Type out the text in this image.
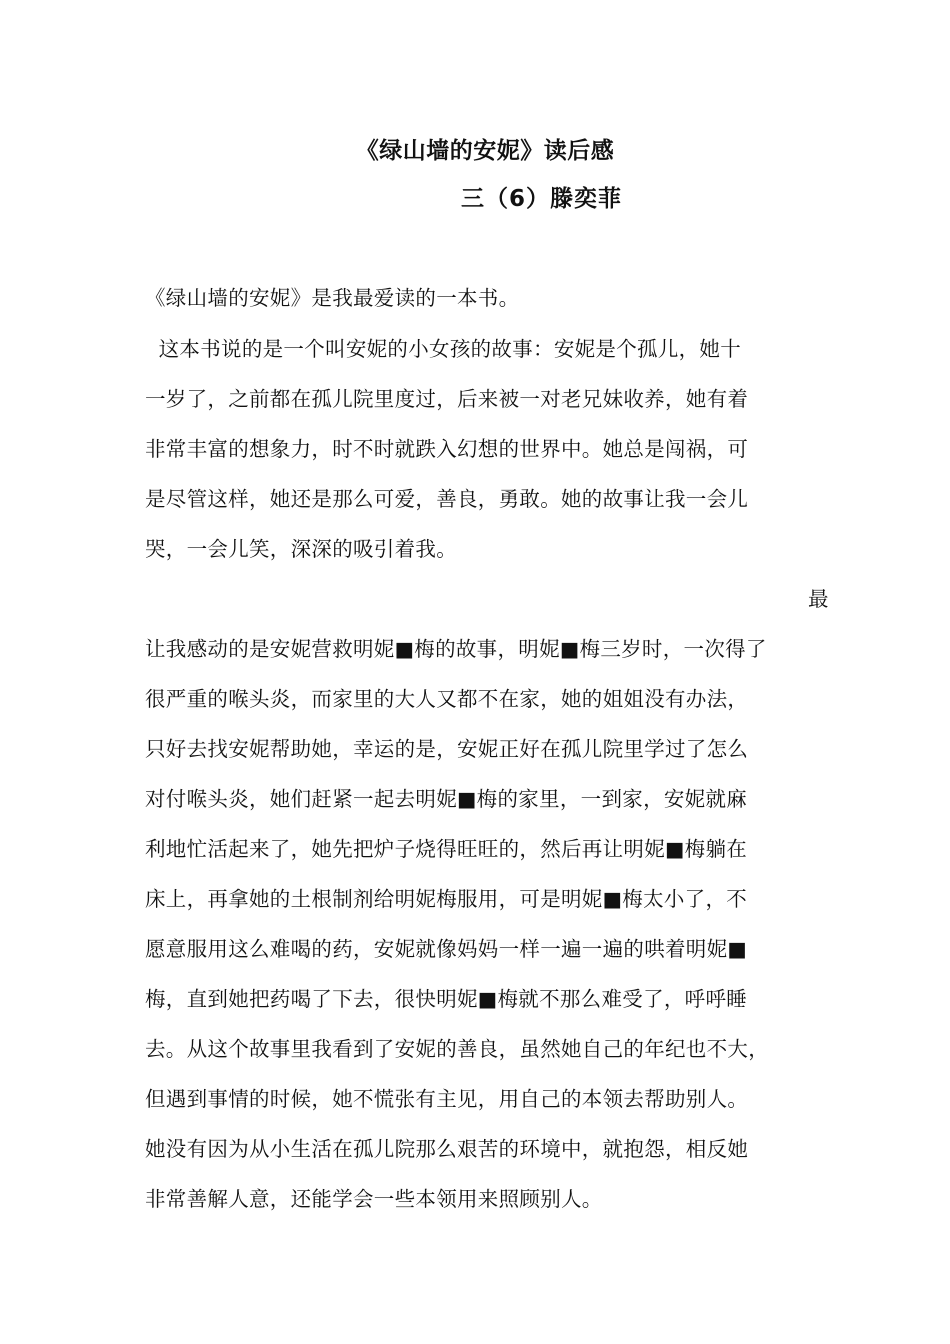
《绿山墙的安妮》读后感
三（6）滕奕菲
《绿山墙的安妮》是我最爱读的一本书。
这本书说的是一个叫安妮的小女孩的故事：安妮是个孤儿，她十
一岁了，之前都在孤儿院里度过，后来被一对老兄妹收养，她有着
非常丰富的想象力，时不时就跌入幻想的世界中。她总是闯祸，可
是尽管这样，她还是那么可爱，善良，勇敢。她的故事让我一会儿
哭，一会儿笑，深深的吸引着我。
最
让我感动的是安妮营救明妮■梅的故事，明妮■梅三岁时，一次得了
很严重的喉头炎，而家里的大人又都不在家，她的姐姐没有办法，
只好去找安妮帮助她，幸运的是，安妮正好在孤儿院里学过了怎么
对付喉头炎，她们赶紧一起去明妮■梅的家里，一到家，安妮就麻
利地忙活起来了，她先把炉子烧得旺旺的，然后再让明妮■梅躺在
床上，再拿她的土根制剂给明妮梅服用，可是明妮■梅太小了，不
愿意服用这么难喝的药，安妮就像妈妈一样一遍一遍的哄着明妮■
梅，直到她把药喝了下去，很快明妮■梅就不那么难受了，呼呼睡
去。从这个故事里我看到了安妮的善良，虽然她自己的年纪也不大，
但遇到事情的时候，她不慌张有主见，用自己的本领去帮助别人。
她没有因为从小生活在孤儿院那么艰苦的环境中，就抱怨，相反她
非常善解人意，还能学会一些本领用来照顾别人。
